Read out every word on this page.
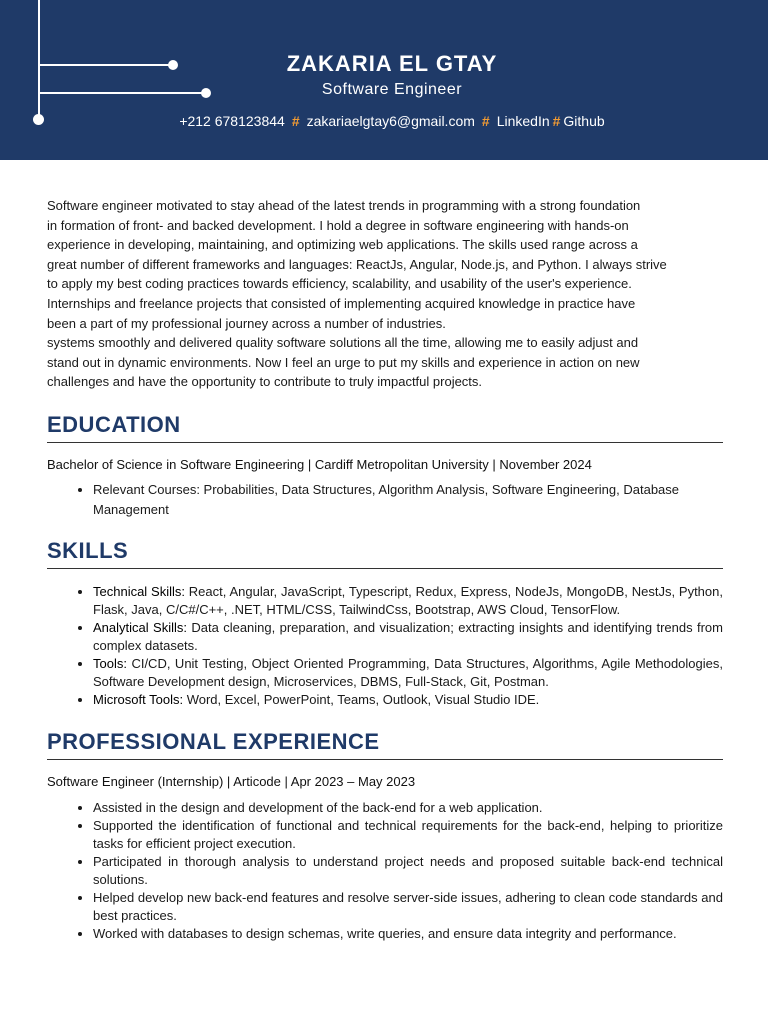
ZAKARIA EL GTAY
Software Engineer
+212 678123844 # zakariaelgtay6@gmail.com # LinkedIn # Github

Software engineer motivated to stay ahead of the latest trends in programming with a strong foundation
in formation of front- and backed development. I hold a degree in software engineering with hands-on
experience in developing, maintaining, and optimizing web applications. The skills used range across a
great number of different frameworks and languages: ReactJs, Angular, Node.js, and Python. I always strive
to apply my best coding practices towards efficiency, scalability, and usability of the user's experience.
Internships and freelance projects that consisted of implementing acquired knowledge in practice have
been a part of my professional journey across a number of industries.
systems smoothly and delivered quality software solutions all the time, allowing me to easily adjust and
stand out in dynamic environments. Now I feel an urge to put my skills and experience in action on new
challenges and have the opportunity to contribute to truly impactful projects.

EDUCATION

Bachelor of Science in Software Engineering | Cardiff Metropolitan University | November 2024

• Relevant Courses: Probabilities, Data Structures, Algorithm Analysis, Software Engineering, Database Management
SKILLS
• Technical Skills: React, Angular, JavaScript, Typescript, Redux, Express, NodeJs, MongoDB, NestJs, Python, Flask, Java, C/C#/C++, .NET, HTML/CSS, TailwindCss, Bootstrap, AWS Cloud, TensorFlow.
• Analytical Skills: Data cleaning, preparation, and visualization; extracting insights and identifying trends from complex datasets.
• Tools: CI/CD, Unit Testing, Object Oriented Programming, Data Structures, Algorithms, Agile Methodologies, Software Development design, Microservices, DBMS, Full-Stack, Git, Postman.
• Microsoft Tools: Word, Excel, PowerPoint, Teams, Outlook, Visual Studio IDE.
PROFESSIONAL EXPERIENCE

Software Engineer (Internship) | Articode | Apr 2023 – May 2023

• Assisted in the design and development of the back-end for a web application.
• Supported the identification of functional and technical requirements for the back-end, helping to prioritize tasks for efficient project execution.
• Participated in thorough analysis to understand project needs and proposed suitable back-end technical solutions.
• Helped develop new back-end features and resolve server-side issues, adhering to clean code standards and best practices.
• Worked with databases to design schemas, write queries, and ensure data integrity and performance.
